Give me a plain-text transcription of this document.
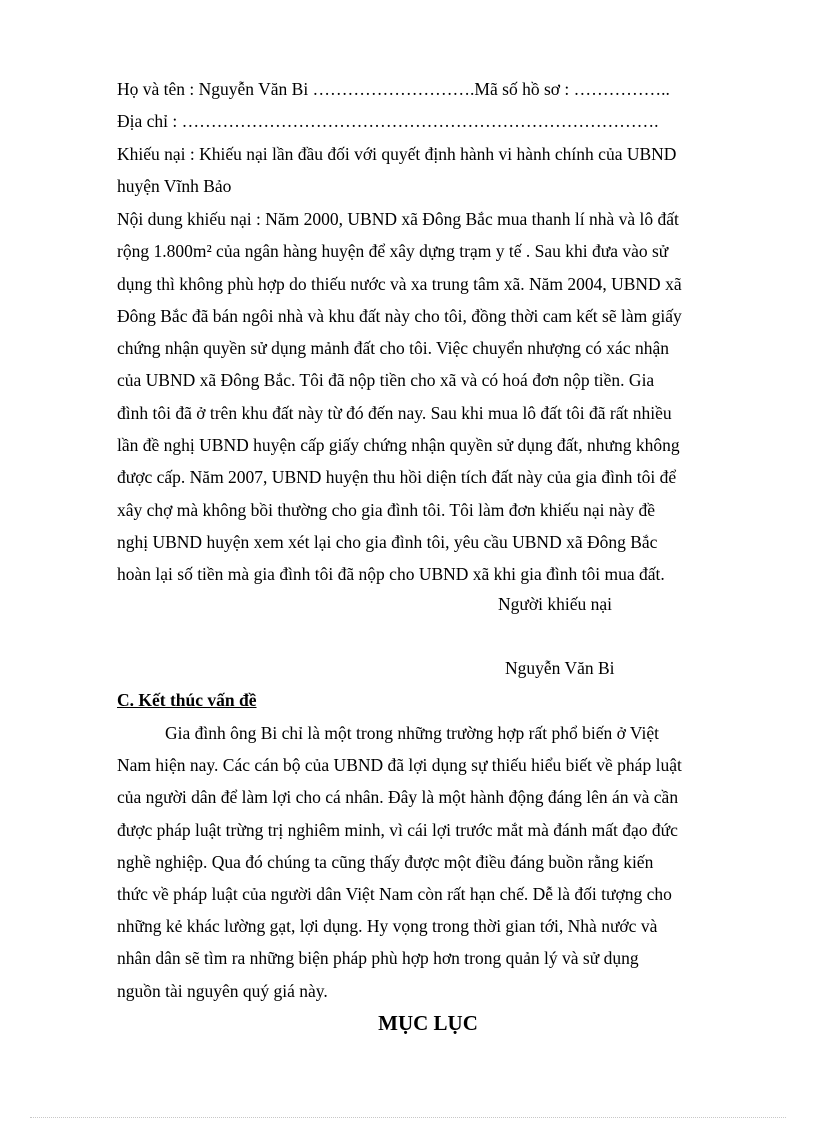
Họ và tên : Nguyễn Văn Bi ……………………….Mã số hồ sơ : ……………..
Địa chỉ : ……………………………………………………………………….
Khiếu nại : Khiếu nại lần đầu đối với quyết định hành vi hành chính của UBND
huyện Vĩnh Bảo

Nội dung khiếu nại : Năm 2000, UBND xã Đông Bắc mua thanh lí nhà và lô đất

rộng 1.800m² của ngân hàng huyện để xây dựng trạm y tế . Sau khi đưa vào sử

dụng thì không phù hợp do thiếu nước và xa trung tâm xã. Năm 2004, UBND xã

Đông Bắc đã bán ngôi nhà và khu đất này cho tôi, đồng thời cam kết sẽ làm giấy

chứng nhận quyền sử dụng mảnh đất cho tôi. Việc chuyển nhượng có xác nhận

của UBND xã Đông Bắc. Tôi đã nộp tiền cho xã và có hoá đơn nộp tiền. Gia

đình tôi đã ở trên khu đất này từ đó đến nay. Sau khi mua lô đất tôi đã rất nhiều

lần đề nghị UBND huyện cấp giấy chứng nhận quyền sử dụng đất, nhưng không

được cấp. Năm 2007, UBND huyện thu hồi diện tích đất này của gia đình tôi để

xây chợ mà không bồi thường cho gia đình tôi. Tôi làm đơn khiếu nại này đề

nghị UBND huyện xem xét lại cho gia đình tôi, yêu cầu UBND xã Đông Bắc

hoàn lại số tiền mà gia đình tôi đã nộp cho UBND xã khi gia đình tôi mua đất.

Người khiếu nại
Nguyễn Văn Bi
C. Kết thúc vấn đề

Gia đình ông Bi chỉ là một trong những trường hợp rất phổ biến ở Việt

Nam hiện nay. Các cán bộ của UBND đã lợi dụng sự thiếu hiểu biết về pháp luật

của người dân để làm lợi cho cá nhân. Đây là một hành động đáng lên án và cần

được pháp luật trừng trị nghiêm minh, vì cái lợi trước mắt mà đánh mất đạo đức

nghề nghiệp. Qua đó chúng ta cũng thấy được một điều đáng buồn rằng kiến

thức về pháp luật của người dân Việt Nam còn rất hạn chế. Dễ là đối tượng cho

những kẻ khác lường gạt, lợi dụng. Hy vọng trong thời gian tới, Nhà nước và

nhân dân sẽ tìm ra những biện pháp phù hợp hơn trong quản lý và sử dụng

nguồn tài nguyên quý giá này.

MỤC LỤC
